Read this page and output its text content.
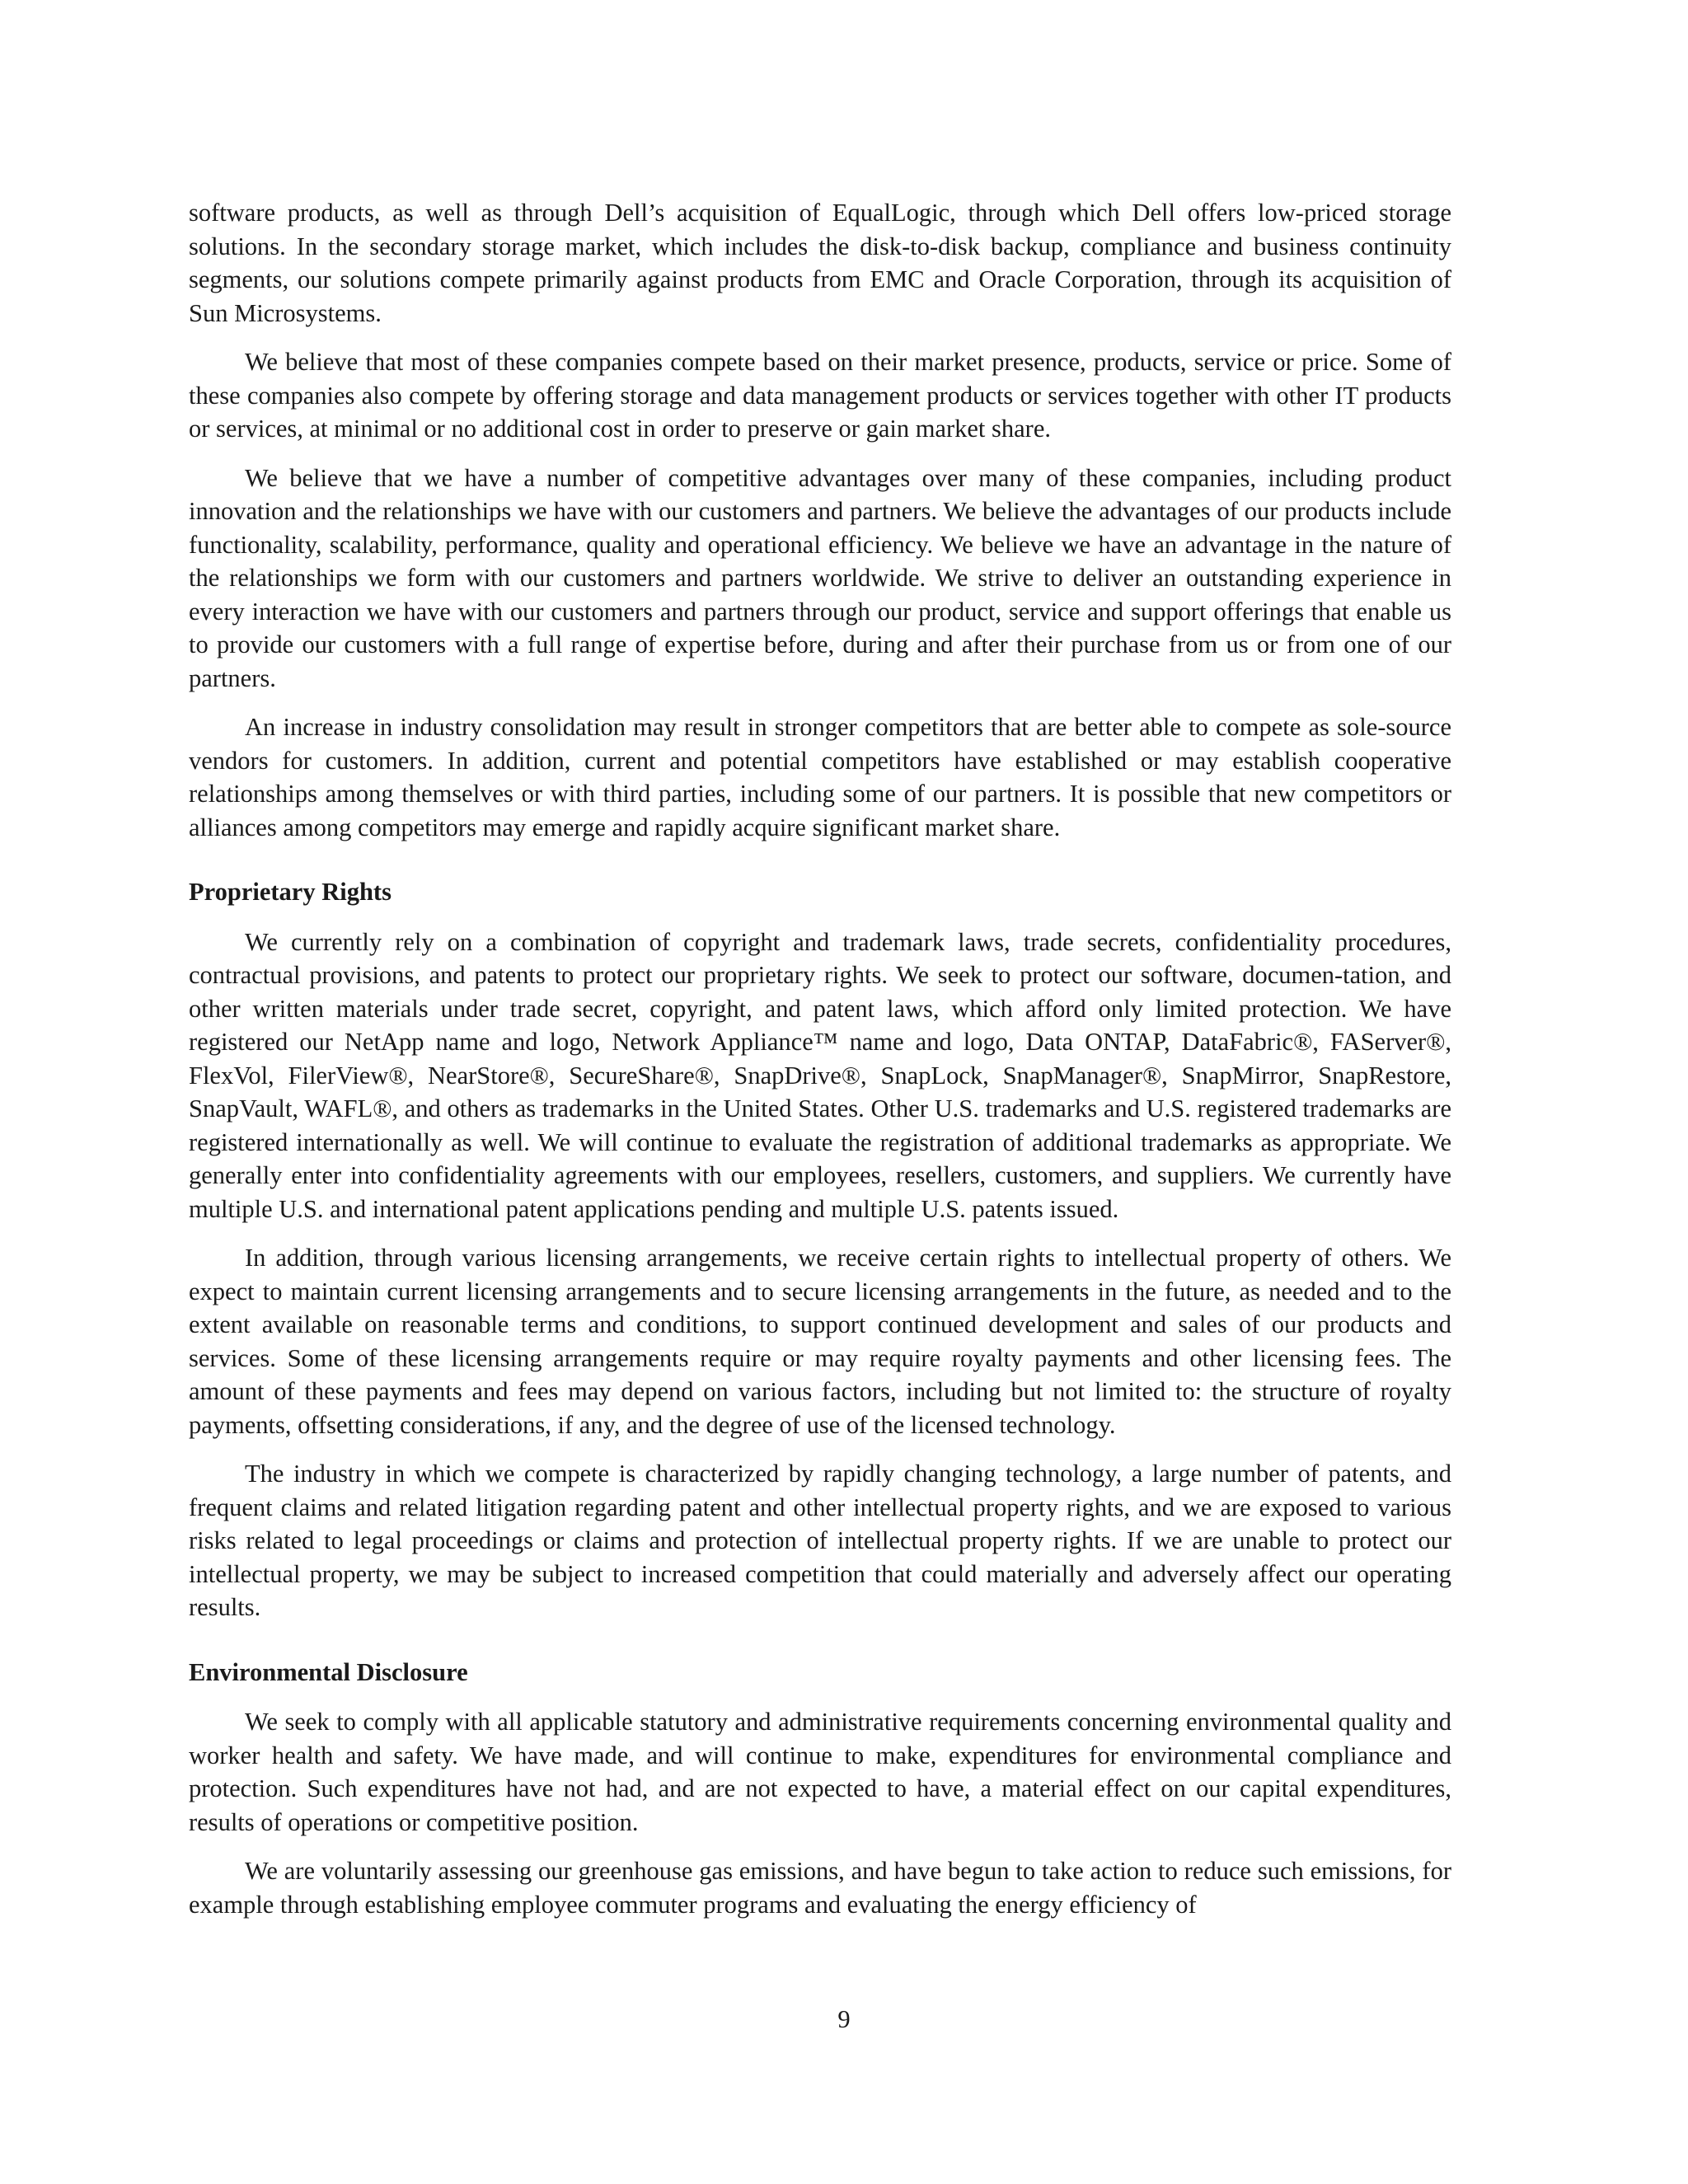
software products, as well as through Dell’s acquisition of EqualLogic, through which Dell offers low-priced storage solutions. In the secondary storage market, which includes the disk-to-disk backup, compliance and business continuity segments, our solutions compete primarily against products from EMC and Oracle Corporation, through its acquisition of Sun Microsystems.

We believe that most of these companies compete based on their market presence, products, service or price. Some of these companies also compete by offering storage and data management products or services together with other IT products or services, at minimal or no additional cost in order to preserve or gain market share.

We believe that we have a number of competitive advantages over many of these companies, including product innovation and the relationships we have with our customers and partners. We believe the advantages of our products include functionality, scalability, performance, quality and operational efficiency. We believe we have an advantage in the nature of the relationships we form with our customers and partners worldwide. We strive to deliver an outstanding experience in every interaction we have with our customers and partners through our product, service and support offerings that enable us to provide our customers with a full range of expertise before, during and after their purchase from us or from one of our partners.

An increase in industry consolidation may result in stronger competitors that are better able to compete as sole-source vendors for customers. In addition, current and potential competitors have established or may establish cooperative relationships among themselves or with third parties, including some of our partners. It is possible that new competitors or alliances among competitors may emerge and rapidly acquire significant market share.

Proprietary Rights

We currently rely on a combination of copyright and trademark laws, trade secrets, confidentiality procedures, contractual provisions, and patents to protect our proprietary rights. We seek to protect our software, documen-tation, and other written materials under trade secret, copyright, and patent laws, which afford only limited protection. We have registered our NetApp name and logo, Network Appliance™ name and logo, Data ONTAP, DataFabric®, FAServer®, FlexVol, FilerView®, NearStore®, SecureShare®, SnapDrive®, SnapLock, SnapManager®, SnapMirror, SnapRestore, SnapVault, WAFL®, and others as trademarks in the United States. Other U.S. trademarks and U.S. registered trademarks are registered internationally as well. We will continue to evaluate the registration of additional trademarks as appropriate. We generally enter into confidentiality agreements with our employees, resellers, customers, and suppliers. We currently have multiple U.S. and international patent applications pending and multiple U.S. patents issued.

In addition, through various licensing arrangements, we receive certain rights to intellectual property of others. We expect to maintain current licensing arrangements and to secure licensing arrangements in the future, as needed and to the extent available on reasonable terms and conditions, to support continued development and sales of our products and services. Some of these licensing arrangements require or may require royalty payments and other licensing fees. The amount of these payments and fees may depend on various factors, including but not limited to: the structure of royalty payments, offsetting considerations, if any, and the degree of use of the licensed technology.

The industry in which we compete is characterized by rapidly changing technology, a large number of patents, and frequent claims and related litigation regarding patent and other intellectual property rights, and we are exposed to various risks related to legal proceedings or claims and protection of intellectual property rights. If we are unable to protect our intellectual property, we may be subject to increased competition that could materially and adversely affect our operating results.

Environmental Disclosure

We seek to comply with all applicable statutory and administrative requirements concerning environmental quality and worker health and safety. We have made, and will continue to make, expenditures for environmental compliance and protection. Such expenditures have not had, and are not expected to have, a material effect on our capital expenditures, results of operations or competitive position.

We are voluntarily assessing our greenhouse gas emissions, and have begun to take action to reduce such emissions, for example through establishing employee commuter programs and evaluating the energy efficiency of

9
